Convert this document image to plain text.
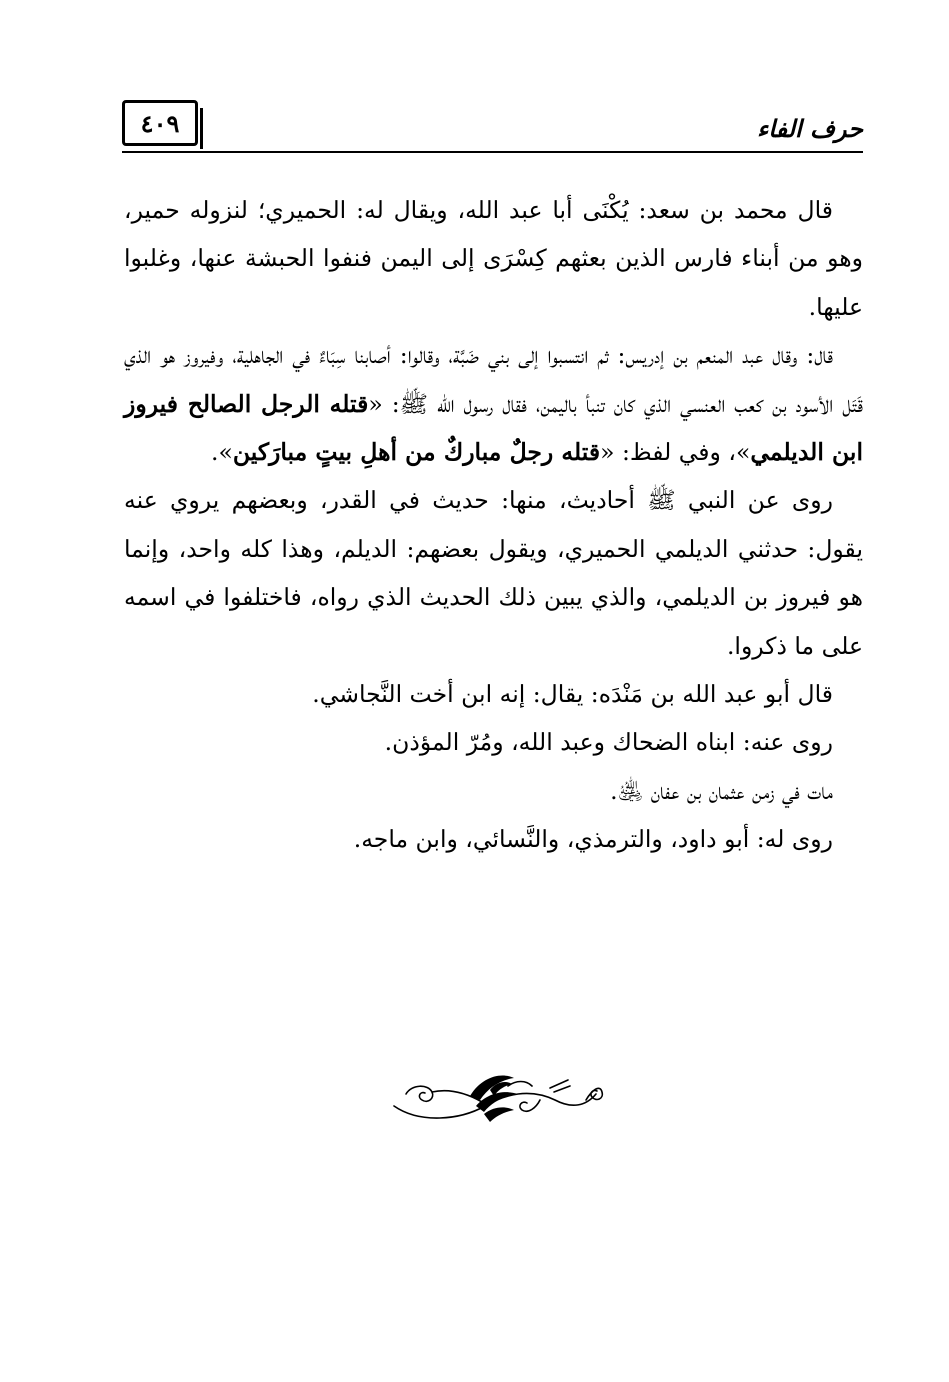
٤٠٩	حرف الفاء

قال محمد بن سعد: يُكْنَى أبا عبد الله، ويقال له: الحميري؛ لنزوله حمير، وهو من أبناء فارس الذين بعثهم كِسْرَى إلى اليمن فنفوا الحبشة عنها، وغلبوا عليها.

قال: وقال عبد المنعم بن إدريس: ثم انتسبوا إلى بني ضَبَّة، وقالوا: أصابنا سِبَاءٌ في الجاهلية، وفيروز هو الذي قَتَل الأسود بن كعب العنسي الذي كان تنبأ باليمن، فقال رسول الله ﷺ: «قتله الرجل الصالح فيروز ابن الديلمي»، وفي لفظ: «قتله رجلٌ مباركٌ من أهلِ بيتٍ مبارَكين».

روى عن النبي ﷺ أحاديث، منها: حديث في القدر، وبعضهم يروي عنه يقول: حدثني الديلمي الحميري، ويقول بعضهم: الديلم، وهذا كله واحد، وإنما هو فيروز بن الديلمي، والذي يبين ذلك الحديث الذي رواه، فاختلفوا في اسمه على ما ذكروا.

قال أبو عبد الله بن مَنْدَه: يقال: إنه ابن أخت النَّجاشي.

روى عنه: ابناه الضحاك وعبد الله، ومُرّ المؤذن.

مات في زمن عثمان بن عفان ﵁.

روى له: أبو داود، والترمذي، والنَّسائي، وابن ماجه.
